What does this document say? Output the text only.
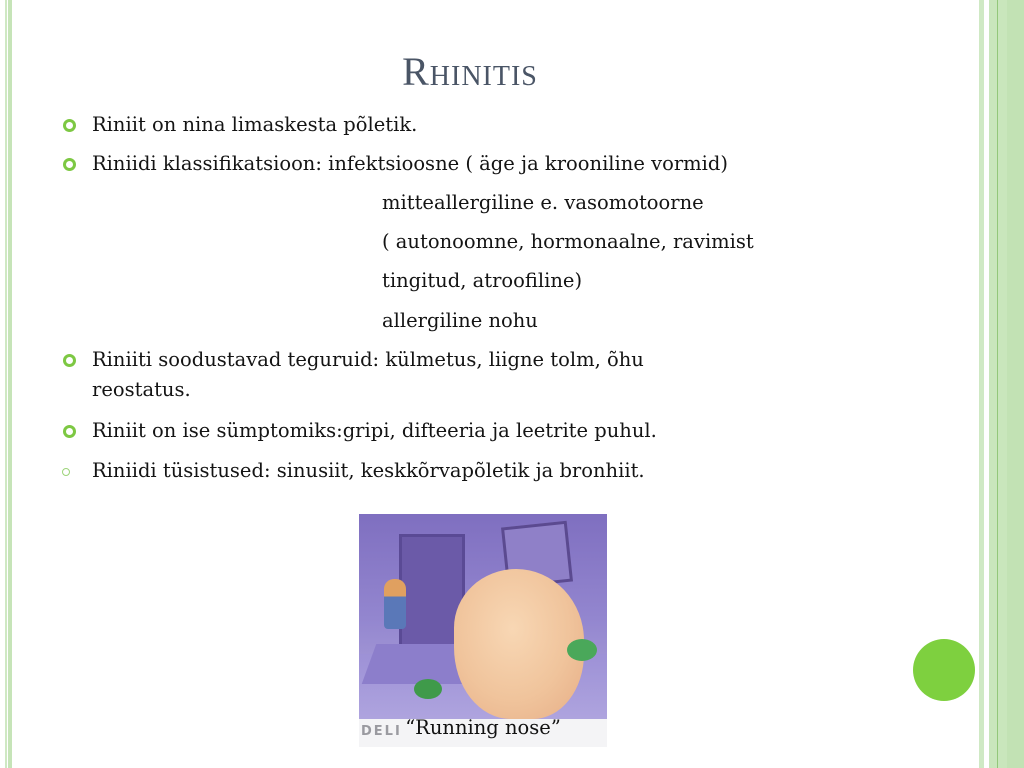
Rhinitis
Riniit on nina limaskesta põletik.
Riniidi klassifikatsioon: infektsioosne ( äge ja krooniline vormid)
mitteallergiline e. vasomotoorne
( autonoomne, hormonaalne, ravimist
tingitud, atroofiline)
allergiline nohu
Riniiti soodustavad teguruid: külmetus, liigne tolm, õhu
reostatus.
Riniit on ise sümptomiks:gripi, difteeria ja leetrite puhul.
Riniidi tüsistused: sinusiit, keskkõrvapõletik ja bronhiit.
DELI “Running nose”
